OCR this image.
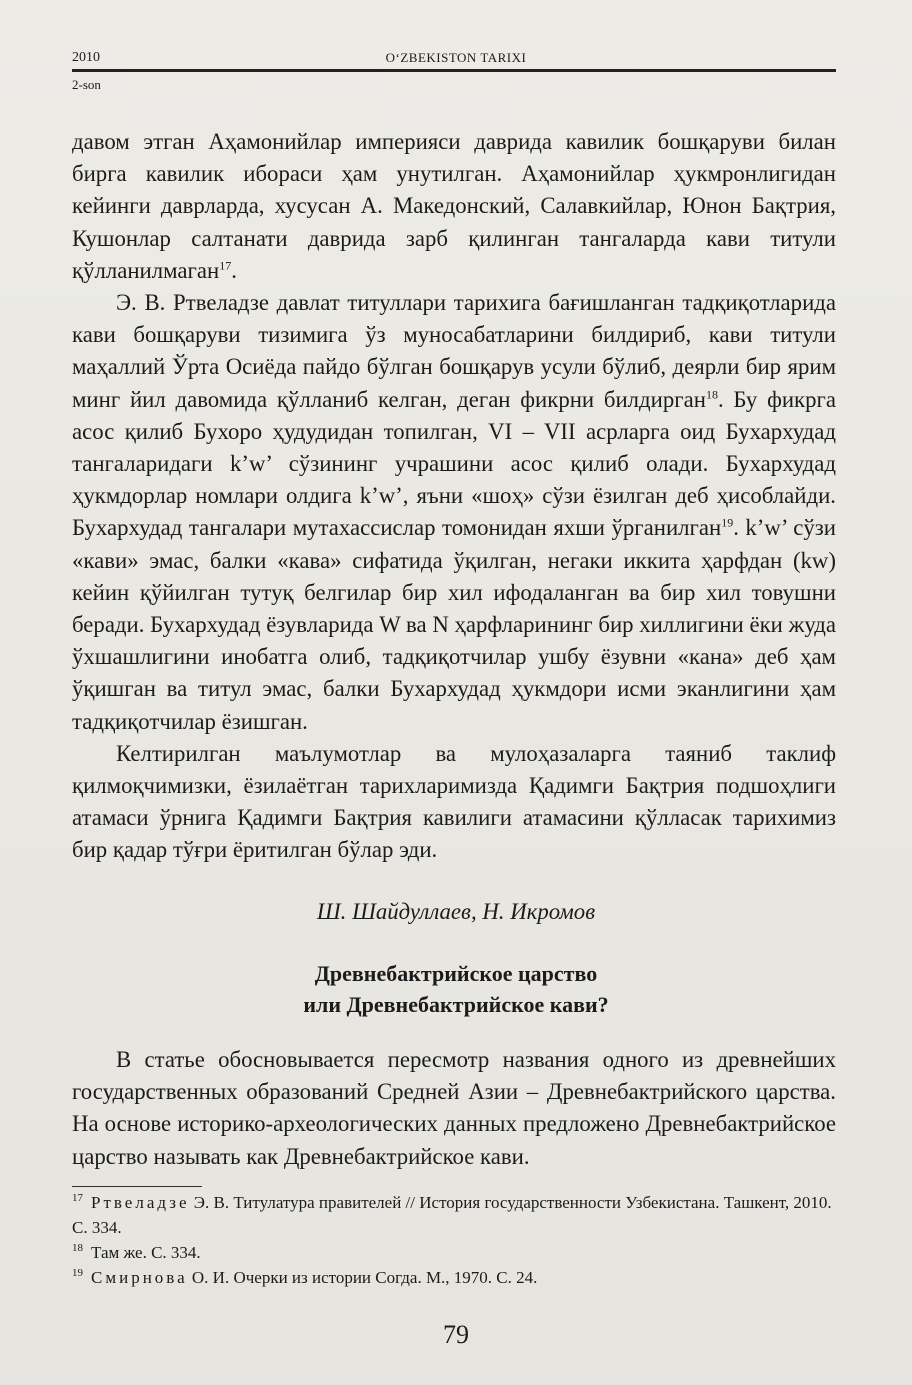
2010	O‘ZBEKISTON TARIXI
2-son

давом этган Аҳамонийлар империяси даврида кавилик бошқаруви билан бирга кавилик ибораси ҳам унутилган. Аҳамонийлар ҳукмронлигидан кейинги даврларда, хусусан А. Македонский, Салавкийлар, Юнон Бақтрия, Кушонлар салтанати даврида зарб қилинган тангаларда кави титули қўлланилмаган$^{17}$.

Э. В. Ртвеладзе давлат титуллари тарихига бағишланган тадқиқотларида кави бошқаруви тизимига ўз муносабатларини билдириб, кави титули маҳаллий Ўрта Осиёда пайдо бўлган бошқарув усули бўлиб, деярли бир ярим минг йил давомида қўлланиб келган, деган фикрни билдирган$^{18}$. Бу фикрга асос қилиб Бухоро ҳудудидан топилган, VI – VII асрларга оид Бухархудад тангаларидаги k’w’ сўзининг учрашини асос қилиб олади. Бухархудад ҳукмдорлар номлари олдига k’w’, яъни «шоҳ» сўзи ёзилган деб ҳисоблайди. Бухархудад тангалари мутахассислар томонидан яхши ўрганилган$^{19}$. k’w’ сўзи «кави» эмас, балки «кава» сифатида ўқилган, негаки иккита ҳарфдан (kw) кейин қўйилган тутуқ белгилар бир хил ифодаланган ва бир хил товушни беради. Бухархудад ёзувларида W ва N ҳарфларининг бир хиллигини ёки жуда ўхшашлигини инобатга олиб, тадқиқотчилар ушбу ёзувни «кана» деб ҳам ўқишган ва титул эмас, балки Бухархудад ҳукмдори исми эканлигини ҳам тадқиқотчилар ёзишган.

Келтирилган маълумотлар ва мулоҳазаларга таяниб таклиф қилмоқчимизки, ёзилаётган тарихларимизда Қадимги Бақтрия подшоҳлиги атамаси ўрнига Қадимги Бақтрия кавилиги атамасини қўлласак тарихимиз бир қадар тўғри ёритилган бўлар эди.

Ш. Шайдуллаев, Н. Икромов
Древнебактрийское царство
или Древнебактрийское кави?

В статье обосновывается пересмотр названия одного из древнейших государственных образований Средней Азии – Древнебактрийского царства. На основе историко-археологических данных предложено Древнебактрийское царство называть как Древнебактрийское кави.

$^{17}$ Ртвеладзе Э. В. Титулатура правителей // История государственности Узбекистана. Ташкент, 2010. С. 334.
$^{18}$ Там же. С. 334.
$^{19}$ Смирнова О. И. Очерки из истории Согда. М., 1970. С. 24.
79
